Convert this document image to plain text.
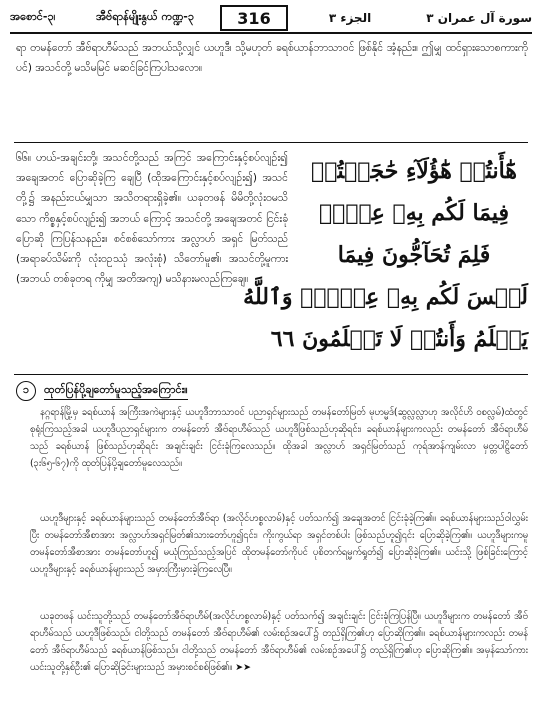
အစောင်-၃၊	အီဗ်ရာန်မျိုးနွယ် ကဏ္ဍ-၃	316	الجزء ٣	سورة آل عمران ٣
ရာ တမန်တော် အီဗ်ရာဟီမ်သည် အဘယ်သို့လျှင် ယဟူဒီ၊ သို့မဟုတ် ခရစ်ယာန်ဘာသာဝင် ဖြစ်နိုင် အံ့နည်း။ ဤမျှ ထင်ရှားသောစကားကိုပင်) အသင်တို့ မသိမမြင် မဆင်ခြင်ကြပါသလော။
၆၆။ ဟယ်-အချင်းတို့၊ အသင်တို့သည် အကြင် အကြောင်းနှင့်စပ်လျဉ်း၍ အချေအတင် ပြောဆိုခဲ့ကြ ချေပြီ (ထိုအကြောင်းနှင့်စပ်လျဉ်း၍) အသင်တို့၌ အနည်းငယ်မျှသာ အသိတရားရှိခဲ့၏။ ယခုတဖန် မိမိတို့လုံးဝမသိသော ကိစ္စနှင့်စပ်လျဉ်း၍ အဘယ် ကြောင့် အသင်တို့ အချေအတင် ငြင်းခုံပြောဆို ကြပြန်သနည်း။ စင်စစ်သော်ကား အလ္လာဟ် အရှင် မြတ်သည် (အရာခပ်သိမ်းကို လုံးဝဥဿုံ အလုံးစုံ) သိတော်မူ၏၊ အသင်တို့မူကား (အဘယ် တစ်ခုတရ ကိုမျှ အတိအကျ) မသိနားမလည်ကြချေ။
هَٰٓأَنتُمۡ هَٰٓؤُلَآءِ حَٰجَجۡتُمۡ
فِيمَا لَكُم بِهِۦ عِلۡمٞ
فَلِمَ تُحَآجُّونَ فِيمَا
لَيۡسَ لَكُم بِهِۦ عِلۡمٞۚ وَٱللَّهُ
يَعۡلَمُ وَأَنتُمۡ لَا تَعۡلَمُونَ ٦٦
၁	ထုတ်ပြန်ပို့ချတော်မူသည့်အကြောင်း။
နဂ္ဂရာန်မြို့မှ ခရစ်ယာန် အကြီးအကဲများနှင့် ယဟူဒီဘာသာဝင် ပညာရှင်များသည် တမန်တော်မြတ် မုဟမ္မဒ်(ဆွလ္လလ္လာဟု အလိုင်ဟိ ဝစလ္လမ်)ထံတွင် စုရုံးကြသည့်အခါ ယဟူဒီပညာရှင်များက တမန်တော် အီဗ်ရာဟီမ်သည် ယဟူဒီဖြစ်သည်ဟုဆိုရင်း၊ ခရစ်ယာန်များကလည်း တမန်တော် အီဗ်ရာဟီမ်သည် ခရစ်ယာန် ဖြစ်သည်ဟုဆိုရင်း အချင်းချင်း ငြင်းခုံကြလေသည်။ ထိုအခါ အလ္လာဟ် အရှင်မြတ်သည် ကုရ်အာန်ကျမ်းလာ မှတ္တပါဠိတော် (၃း၆၅-၆၇)ကို ထုတ်ပြန်ပို့ချတော်မူလေသည်။
ယဟူဒီများနှင့် ခရစ်ယာန်များသည် တမန်တော်အီဗ်ရာ (အလိုင်ဟစ္စလာမ်)နှင့် ပတ်သက်၍ အချေအတင် ငြင်းခုံခဲ့ကြ၏။ ခရစ်ယာန်များသည်ဝါလွှမ်းပြီး တမန်တော်အီစာအား အလ္လာဟ်အရှင်မြတ်၏သားတော်ဟူ၍၎င်း၊ ကိုးကွယ်ရာ အရှင်တစ်ပါး ဖြစ်သည်ဟူ၍၎င်း ပြောဆိုခဲ့ကြ၏။ ယဟူဒီများကမူ တမန်တော်အီစာအား တမန်တော်ဟူ၍ မယုံကြည်သည့်အပြင် ထိုတမန်တော်ကိုပင် ပုစိတက်ရမ္မက်ရှုတ်၍ ပြောဆိုခဲ့ကြ၏။ ယင်းသို့ ဖြစ်ခြင်းကြောင့် ယဟူဒီများနှင့် ခရစ်ယာန်များသည် အမှားကြီးမှားခဲ့ကြလေပြီ။
ယခုတဖန် ယင်းသူတို့သည် တမန်တော်အီဗ်ရာဟီမ်(အလိုင်ဟစ္စလာမ်)နှင့် ပတ်သက်၍ အချင်းချင်း ငြင်းခုံကြပြန်ပြီ။ ယဟူဒီများက တမန်တော် အီဗ်ရာဟီမ်သည် ယဟူဒီဖြစ်သည်၊ ငါတို့သည် တမန်တော် အီဗ်ရာဟီမ်၏ လမ်းစဉ်အပေါ်၌ တည်ရှိကြ၏ဟု ပြောဆိုကြ၏။ ခရစ်ယာန်များကလည်း တမန်တော် အီဗ်ရာဟီမ်သည် ခရစ်ယာန်ဖြစ်သည်။ ငါတို့သည် တမန်တော် အီဗ်ရာဟီမ်၏ လမ်းစဉ်အပေါ်၌ တည်ရှိကြ၏ဟု ပြောဆိုကြ၏။ အမှန်သော်ကား ယင်းသူတို့နှစ်ဦး၏ ပြောဆိုခြင်းများသည် အမှားစင်စစ်ဖြစ်၏။ ➤➤
